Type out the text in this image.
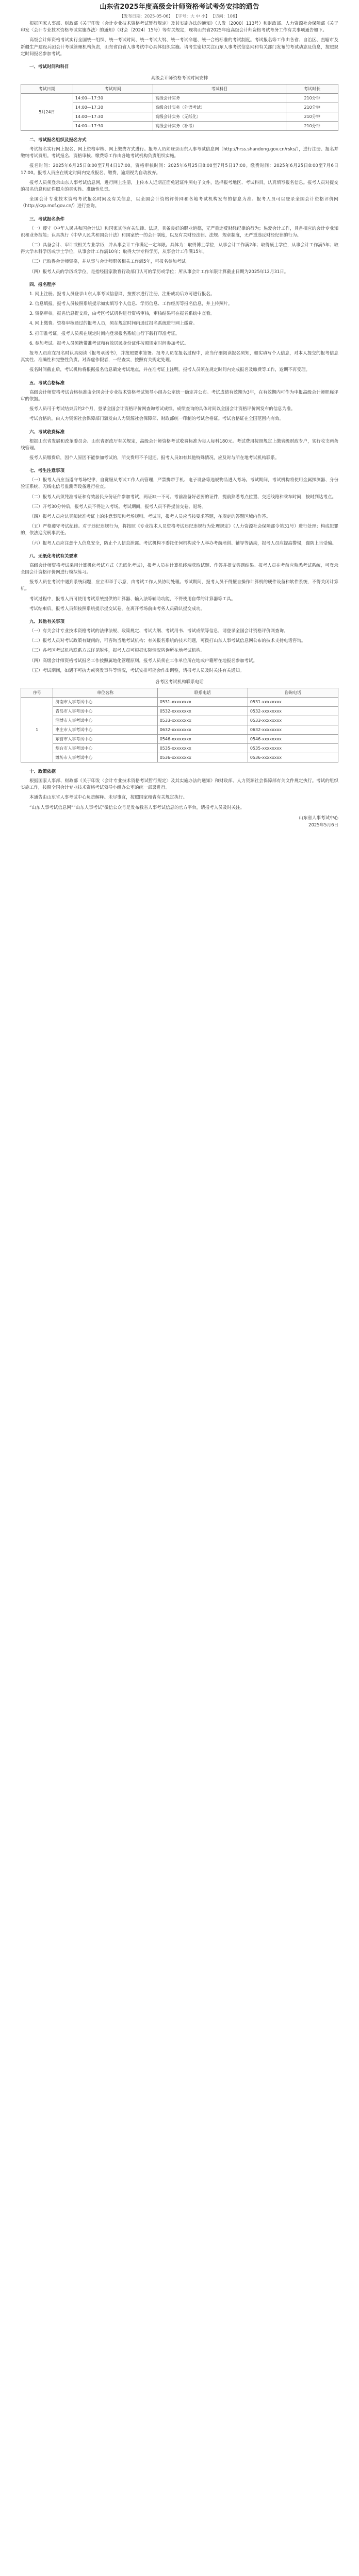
山东省2025年度高级会计师资格考试考务安排的通告
【发布日期：2025-05-06】 【字号：大 中 小】 【访问：106】

根据国家人事部、财政部《关于印发〈会计专业技术资格考试暂行规定〉及其实施办法的通知》（人发〔2000〕113号）和财政部、人力资源社会保障部《关于印发〈会计专业技术资格考试实施办法〉的通知》（财会〔2024〕15号）等有关规定，现将山东省2025年度高级会计师资格考试考务工作有关事项通告如下。

高级会计师资格考试实行全国统一组织、统一考试时间、统一考试大纲、统一考试命题、统一合格标准的考试制度。考试报名等工作由各省、自治区、直辖市及新疆生产建设兵团会计考试管理机构负责，山东省由省人事考试中心具体组织实施。请考生密切关注山东人事考试信息网和有关部门发布的考试动态及信息，按照规定时间报名参加考试。

一、考试时间和科目

高级会计师资格考试时间安排

考试日期	考试时间	考试科目	考试时长
5月24日	14:00—17:30	高级会计实务	210分钟
	14:00—17:30	高级会计实务（外语考试）	210分钟
	14:00—17:30	高级会计实务（无纸化）	210分钟
	14:00—17:30	高级会计实务（补考）	210分钟

二、考试报名组织及报名方式

考试报名实行网上报名、网上资格审核、网上缴费方式进行。报考人员须登录山东人事考试信息网（http://hrss.shandong.gov.cn/rsks/），进行注册、报名并缴纳考试费用。考试报名、资格审核、缴费等工作由各地考试机构负责组织实施。

报名时间：2025年6月25日8:00至7月4日17:00。资格审核时间：2025年6月25日8:00至7月5日17:00。缴费时间：2025年6月25日8:00至7月6日17:00。报考人员应在规定时间内完成报名、缴费，逾期视为自动放弃。

报考人员须登录山东人事考试信息网，进行网上注册，上传本人近期正面免冠证件照电子文件，选择报考地区、考试科目，认真填写报名信息。报考人员对提交的报名信息和证件照片的真实性、准确性负责。

全国会计专业技术资格考试报名时间及有关信息，以全国会计资格评价网和各地考试机构发布的信息为准。报考人员可以登录全国会计资格评价网（http://kzp.mof.gov.cn/）进行查询。

三、考试报名条件

（一）遵守《中华人民共和国会计法》和国家其他有关法律、法规，具备良好的职业道德，无严重违反财经纪律的行为；热爱会计工作，具备相应的会计专业知识和业务技能；认真执行《中华人民共和国会计法》和国家统一的会计制度，以及有关财经法律、法规、规章制度，无严重违反财经纪律的行为。

（二）具备会计、审计或相关专业学历，并从事会计工作满足一定年限。具体为：取得博士学位，从事会计工作满2年；取得硕士学位，从事会计工作满5年；取得大学本科学历或学士学位，从事会计工作满10年；取得大学专科学历，从事会计工作满15年。

（三）已取得会计师资格，并从事与会计师职务相关工作满5年，可报名参加考试。

（四）报考人员的学历或学位，是指经国家教育行政部门认可的学历或学位；所从事会计工作年限计算截止日期为2025年12月31日。

四、报名程序

1. 网上注册。报考人员登录山东人事考试信息网，按要求进行注册，注册成功后方可进行报名。

2. 信息填报。报考人员按照系统提示如实填写个人信息、学历信息、工作经历等报名信息，并上传照片。

3. 资格审核。报名信息提交后，由考区考试机构进行资格审核，审核结果可在报名系统中查看。

4. 网上缴费。资格审核通过的报考人员，须在规定时间内通过报名系统进行网上缴费。

5. 打印准考证。报考人员须在规定时间内登录报名系统自行下载打印准考证。

6. 参加考试。报考人员须携带准考证和有效居民身份证件按照规定时间参加考试。

报考人员应在报名时认真阅读《报考承诺书》，并按照要求签署。报考人员在报名过程中，应当仔细阅读报名须知，如实填写个人信息，对本人提交的报考信息真实性、准确性和完整性负责。对弄虚作假者，一经查实，按照有关规定处理。

报名时间截止后，考试机构将根据报名信息确定考试地点，并在准考证上注明。报考人员须在规定时间内完成报名及缴费等工作，逾期不再受理。

五、考试合格标准

高级会计师资格考试合格标准由全国会计专业技术资格考试领导小组办公室统一确定并公布。考试成绩有效期为3年，在有效期内可作为申报高级会计师职称评审的依据。

报考人员可于考试结束后约2个月，登录全国会计资格评价网查询考试成绩。成绩查询的具体时间以全国会计资格评价网发布的信息为准。

考试合格的，由人力资源社会保障部门颁发由人力资源社会保障部、财政部统一印制的考试合格证。考试合格证在全国范围内有效。

六、考试收费标准

根据山东省发展和改革委员会、山东省财政厅有关规定，高级会计师资格考试收费标准为每人每科180元。考试费用按照规定上缴省级财政专户，实行收支两条线管理。

报考人员缴费后，因个人原因不能参加考试的，所交费用不予退还。报考人员如有其他特殊情况，应及时与所在地考试机构联系。

七、考生注意事项

（一）报考人员应当遵守考场纪律，自觉服从考试工作人员管理，严禁携带手机、电子设备等违规物品进入考场。考试期间，考试机构将使用金属探测器、身份验证系统、无线电信号监测等设备进行检查。

（二）报考人员须凭准考证和有效居民身份证件参加考试，两证缺一不可。考前准备好必要的证件，提前熟悉考点位置、交通线路和乘车时间，按时到达考点。

（三）开考30分钟后，报考人员不得进入考场。考试期间，报考人员不得提前交卷、退场。

（四）报考人员应认真阅读准考证上的注意事项和考场规则。考试时，报考人员应当按要求答题，在规定的答题区域内作答。

（五）严格遵守考试纪律。对于违纪违规行为，将按照《专业技术人员资格考试违纪违规行为处理规定》（人力资源社会保障部令第31号）进行处理；构成犯罪的，依法追究刑事责任。

（六）报考人员应注意个人信息安全，防止个人信息泄露。考试机构不委托任何机构或个人举办考前培训、辅导等活动，报考人员应提高警惕，谨防上当受骗。

八、无纸化考试有关要求

高级会计师资格考试采用计算机化考试方式（无纸化考试），报考人员在计算机终端获取试题、作答并提交答题结果。报考人员在考前应熟悉考试系统，可登录全国会计资格评价网进行模拟练习。

报考人员在考试中遇到系统问题，应立即举手示意，由考试工作人员协助处理。考试期间，报考人员不得擅自操作计算机的硬件设备和软件系统，不得关闭计算机。

考试过程中，报考人员可使用考试系统提供的计算器、输入法等辅助功能，不得使用自带的计算器等工具。

考试结束后，报考人员须按照系统提示提交试卷，在离开考场前由考务人员确认提交成功。

九、其他有关事项

（一）有关会计专业技术资格考试的法律法规、政策规定、考试大纲、考试用书、考试成绩等信息，请登录全国会计资格评价网查询。

（二）报考人员对考试政策有疑问的，可咨询当地考试机构；有关报名系统的技术问题，可拨打山东人事考试信息网公布的技术支持电话咨询。

（三）各考区考试机构联系方式详见附件，报考人员可根据实际情况咨询所在地考试机构。

（四）高级会计师资格考试报名工作按照属地化管理原则，报考人员须在工作单位所在地或户籍所在地报名参加考试。

（五）考试期间，如遇不可抗力或突发事件等情况，考试安排可能会作出调整，请报考人员及时关注有关通知。

各考区考试机构联系电话

序号	单位名称	联系电话	咨询电话
1	济南市人事考试中心	0531-xxxxxxxx	0531-xxxxxxxx
	青岛市人事考试中心	0532-xxxxxxxx	0532-xxxxxxxx
	淄博市人事考试中心	0533-xxxxxxxx	0533-xxxxxxxx
	枣庄市人事考试中心	0632-xxxxxxxx	0632-xxxxxxxx
	东营市人事考试中心	0546-xxxxxxxx	0546-xxxxxxxx
	烟台市人事考试中心	0535-xxxxxxxx	0535-xxxxxxxx
	潍坊市人事考试中心	0536-xxxxxxxx	0536-xxxxxxxx

十、政策依据

根据国家人事部、财政部《关于印发〈会计专业技术资格考试暂行规定〉及其实施办法的通知》和财政部、人力资源社会保障部有关文件规定执行。考试的组织实施工作，按照全国会计专业技术资格考试领导小组办公室的统一部署进行。

本通告由山东省人事考试中心负责解释。未尽事宜，按照国家和省有关规定执行。

“山东人事考试信息网”“山东人事考试”微信公众号是发布我省人事考试信息的官方平台，请报考人员及时关注。

山东省人事考试中心
2025年5月6日
